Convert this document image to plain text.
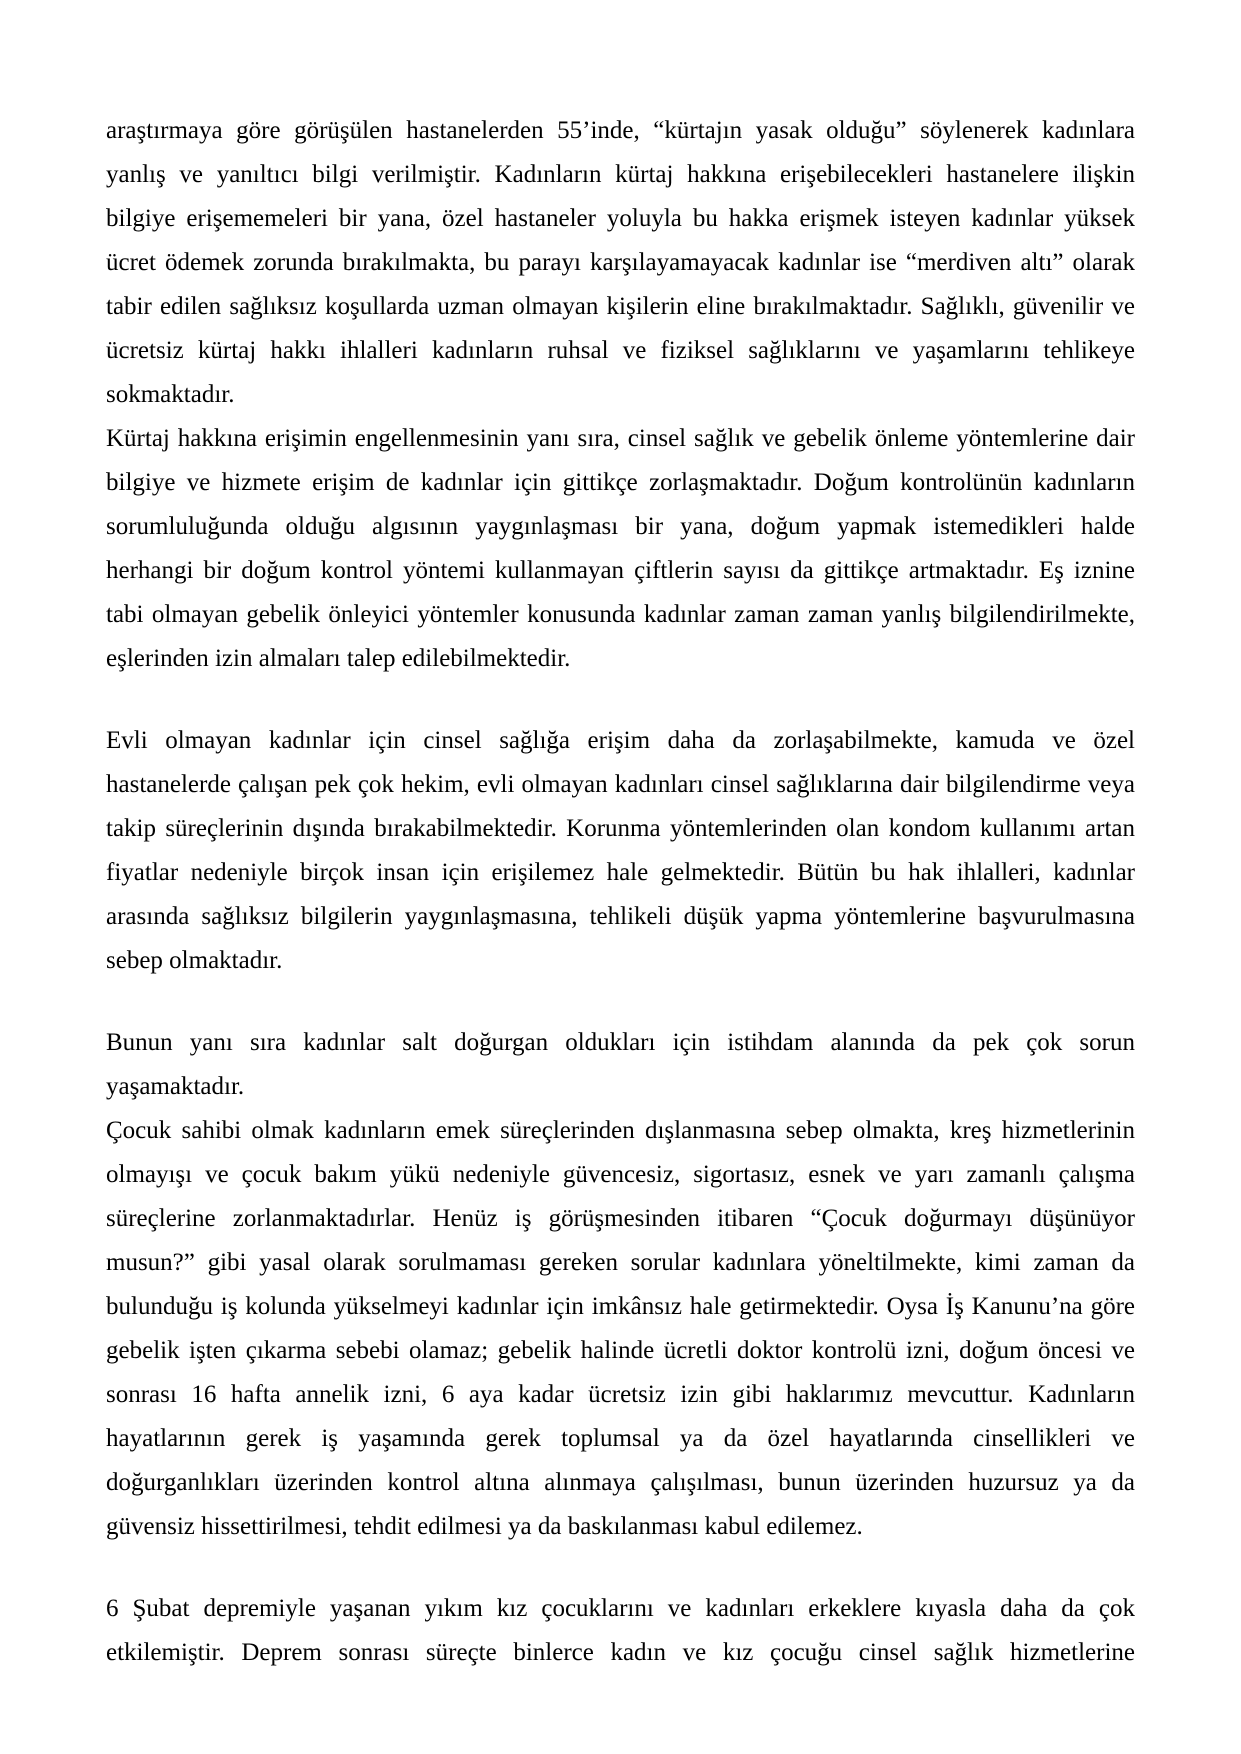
araştırmaya göre görüşülen hastanelerden 55’inde, “kürtajın yasak olduğu” söylenerek kadınlara
yanlış ve yanıltıcı bilgi verilmiştir. Kadınların kürtaj hakkına erişebilecekleri hastanelere ilişkin
bilgiye erişememeleri bir yana, özel hastaneler yoluyla bu hakka erişmek isteyen kadınlar yüksek
ücret ödemek zorunda bırakılmakta, bu parayı karşılayamayacak kadınlar ise “merdiven altı” olarak
tabir edilen sağlıksız koşullarda uzman olmayan kişilerin eline bırakılmaktadır. Sağlıklı, güvenilir ve
ücretsiz kürtaj hakkı ihlalleri kadınların ruhsal ve fiziksel sağlıklarını ve yaşamlarını tehlikeye
sokmaktadır.
Kürtaj hakkına erişimin engellenmesinin yanı sıra, cinsel sağlık ve gebelik önleme yöntemlerine dair
bilgiye ve hizmete erişim de kadınlar için gittikçe zorlaşmaktadır. Doğum kontrolünün kadınların
sorumluluğunda olduğu algısının yaygınlaşması bir yana, doğum yapmak istemedikleri halde
herhangi bir doğum kontrol yöntemi kullanmayan çiftlerin sayısı da gittikçe artmaktadır. Eş iznine
tabi olmayan gebelik önleyici yöntemler konusunda kadınlar zaman zaman yanlış bilgilendirilmekte,
eşlerinden izin almaları talep edilebilmektedir.
Evli olmayan kadınlar için cinsel sağlığa erişim daha da zorlaşabilmekte, kamuda ve özel
hastanelerde çalışan pek çok hekim, evli olmayan kadınları cinsel sağlıklarına dair bilgilendirme veya
takip süreçlerinin dışında bırakabilmektedir. Korunma yöntemlerinden olan kondom kullanımı artan
fiyatlar nedeniyle birçok insan için erişilemez hale gelmektedir. Bütün bu hak ihlalleri, kadınlar
arasında sağlıksız bilgilerin yaygınlaşmasına, tehlikeli düşük yapma yöntemlerine başvurulmasına
sebep olmaktadır.
Bunun yanı sıra kadınlar salt doğurgan oldukları için istihdam alanında da pek çok sorun yaşamaktadır.
Çocuk sahibi olmak kadınların emek süreçlerinden dışlanmasına sebep olmakta, kreş hizmetlerinin
olmayışı ve çocuk bakım yükü nedeniyle güvencesiz, sigortasız, esnek ve yarı zamanlı çalışma
süreçlerine zorlanmaktadırlar. Henüz iş görüşmesinden itibaren “Çocuk doğurmayı düşünüyor
musun?” gibi yasal olarak sorulmaması gereken sorular kadınlara yöneltilmekte, kimi zaman da
bulunduğu iş kolunda yükselmeyi kadınlar için imkânsız hale getirmektedir. Oysa İş Kanunu’na göre
gebelik işten çıkarma sebebi olamaz; gebelik halinde ücretli doktor kontrolü izni, doğum öncesi ve
sonrası 16 hafta annelik izni, 6 aya kadar ücretsiz izin gibi haklarımız mevcuttur. Kadınların
hayatlarının gerek iş yaşamında gerek toplumsal ya da özel hayatlarında cinsellikleri ve
doğurganlıkları üzerinden kontrol altına alınmaya çalışılması, bunun üzerinden huzursuz ya da
güvensiz hissettirilmesi, tehdit edilmesi ya da baskılanması kabul edilemez.
6 Şubat depremiyle yaşanan yıkım kız çocuklarını ve kadınları erkeklere kıyasla daha da çok
etkilemiştir. Deprem sonrası süreçte binlerce kadın ve kız çocuğu cinsel sağlık hizmetlerine
